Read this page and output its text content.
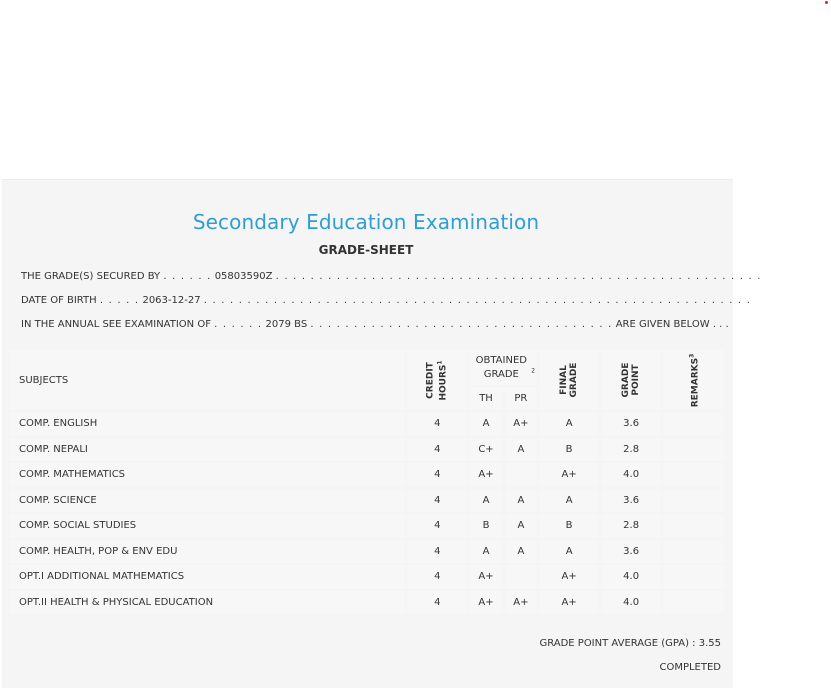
Secondary Education Examination
GRADE-SHEET
THE GRADE(S) SECURED BY . . . . . . 05803590Z . . . . . . . . . . . . . . . . . . . . . . . . . . . . . . . . . . . . . . . . . . . . . . . . . . . . . . . .
DATE OF BIRTH . . . . . 2063-12-27 . . . . . . . . . . . . . . . . . . . . . . . . . . . . . . . . . . . . . . . . . . . . . . . . . . . . . . . . . . . . . . .
IN THE ANNUAL SEE EXAMINATION OF . . . . . . 2079 BS . . . . . . . . . . . . . . . . . . . . . . . . . . . . . . . . . . . ARE GIVEN BELOW . . .
SUBJECTS	CREDIT HOURS$^1$	OBTAINED GRADE $^2$		FINAL GRADE	GRADE POINT	REMARKS$^3$
		TH	PR			
COMP. ENGLISH	4	A	A+	A	3.6	
COMP. NEPALI	4	C+	A	B	2.8	
COMP. MATHEMATICS	4	A+		A+	4.0	
COMP. SCIENCE	4	A	A	A	3.6	
COMP. SOCIAL STUDIES	4	B	A	B	2.8	
COMP. HEALTH, POP & ENV EDU	4	A	A	A	3.6	
OPT.I ADDITIONAL MATHEMATICS	4	A+		A+	4.0	
OPT.II HEALTH & PHYSICAL EDUCATION	4	A+	A+	A+	4.0	
GRADE POINT AVERAGE (GPA) : 3.55
COMPLETED
